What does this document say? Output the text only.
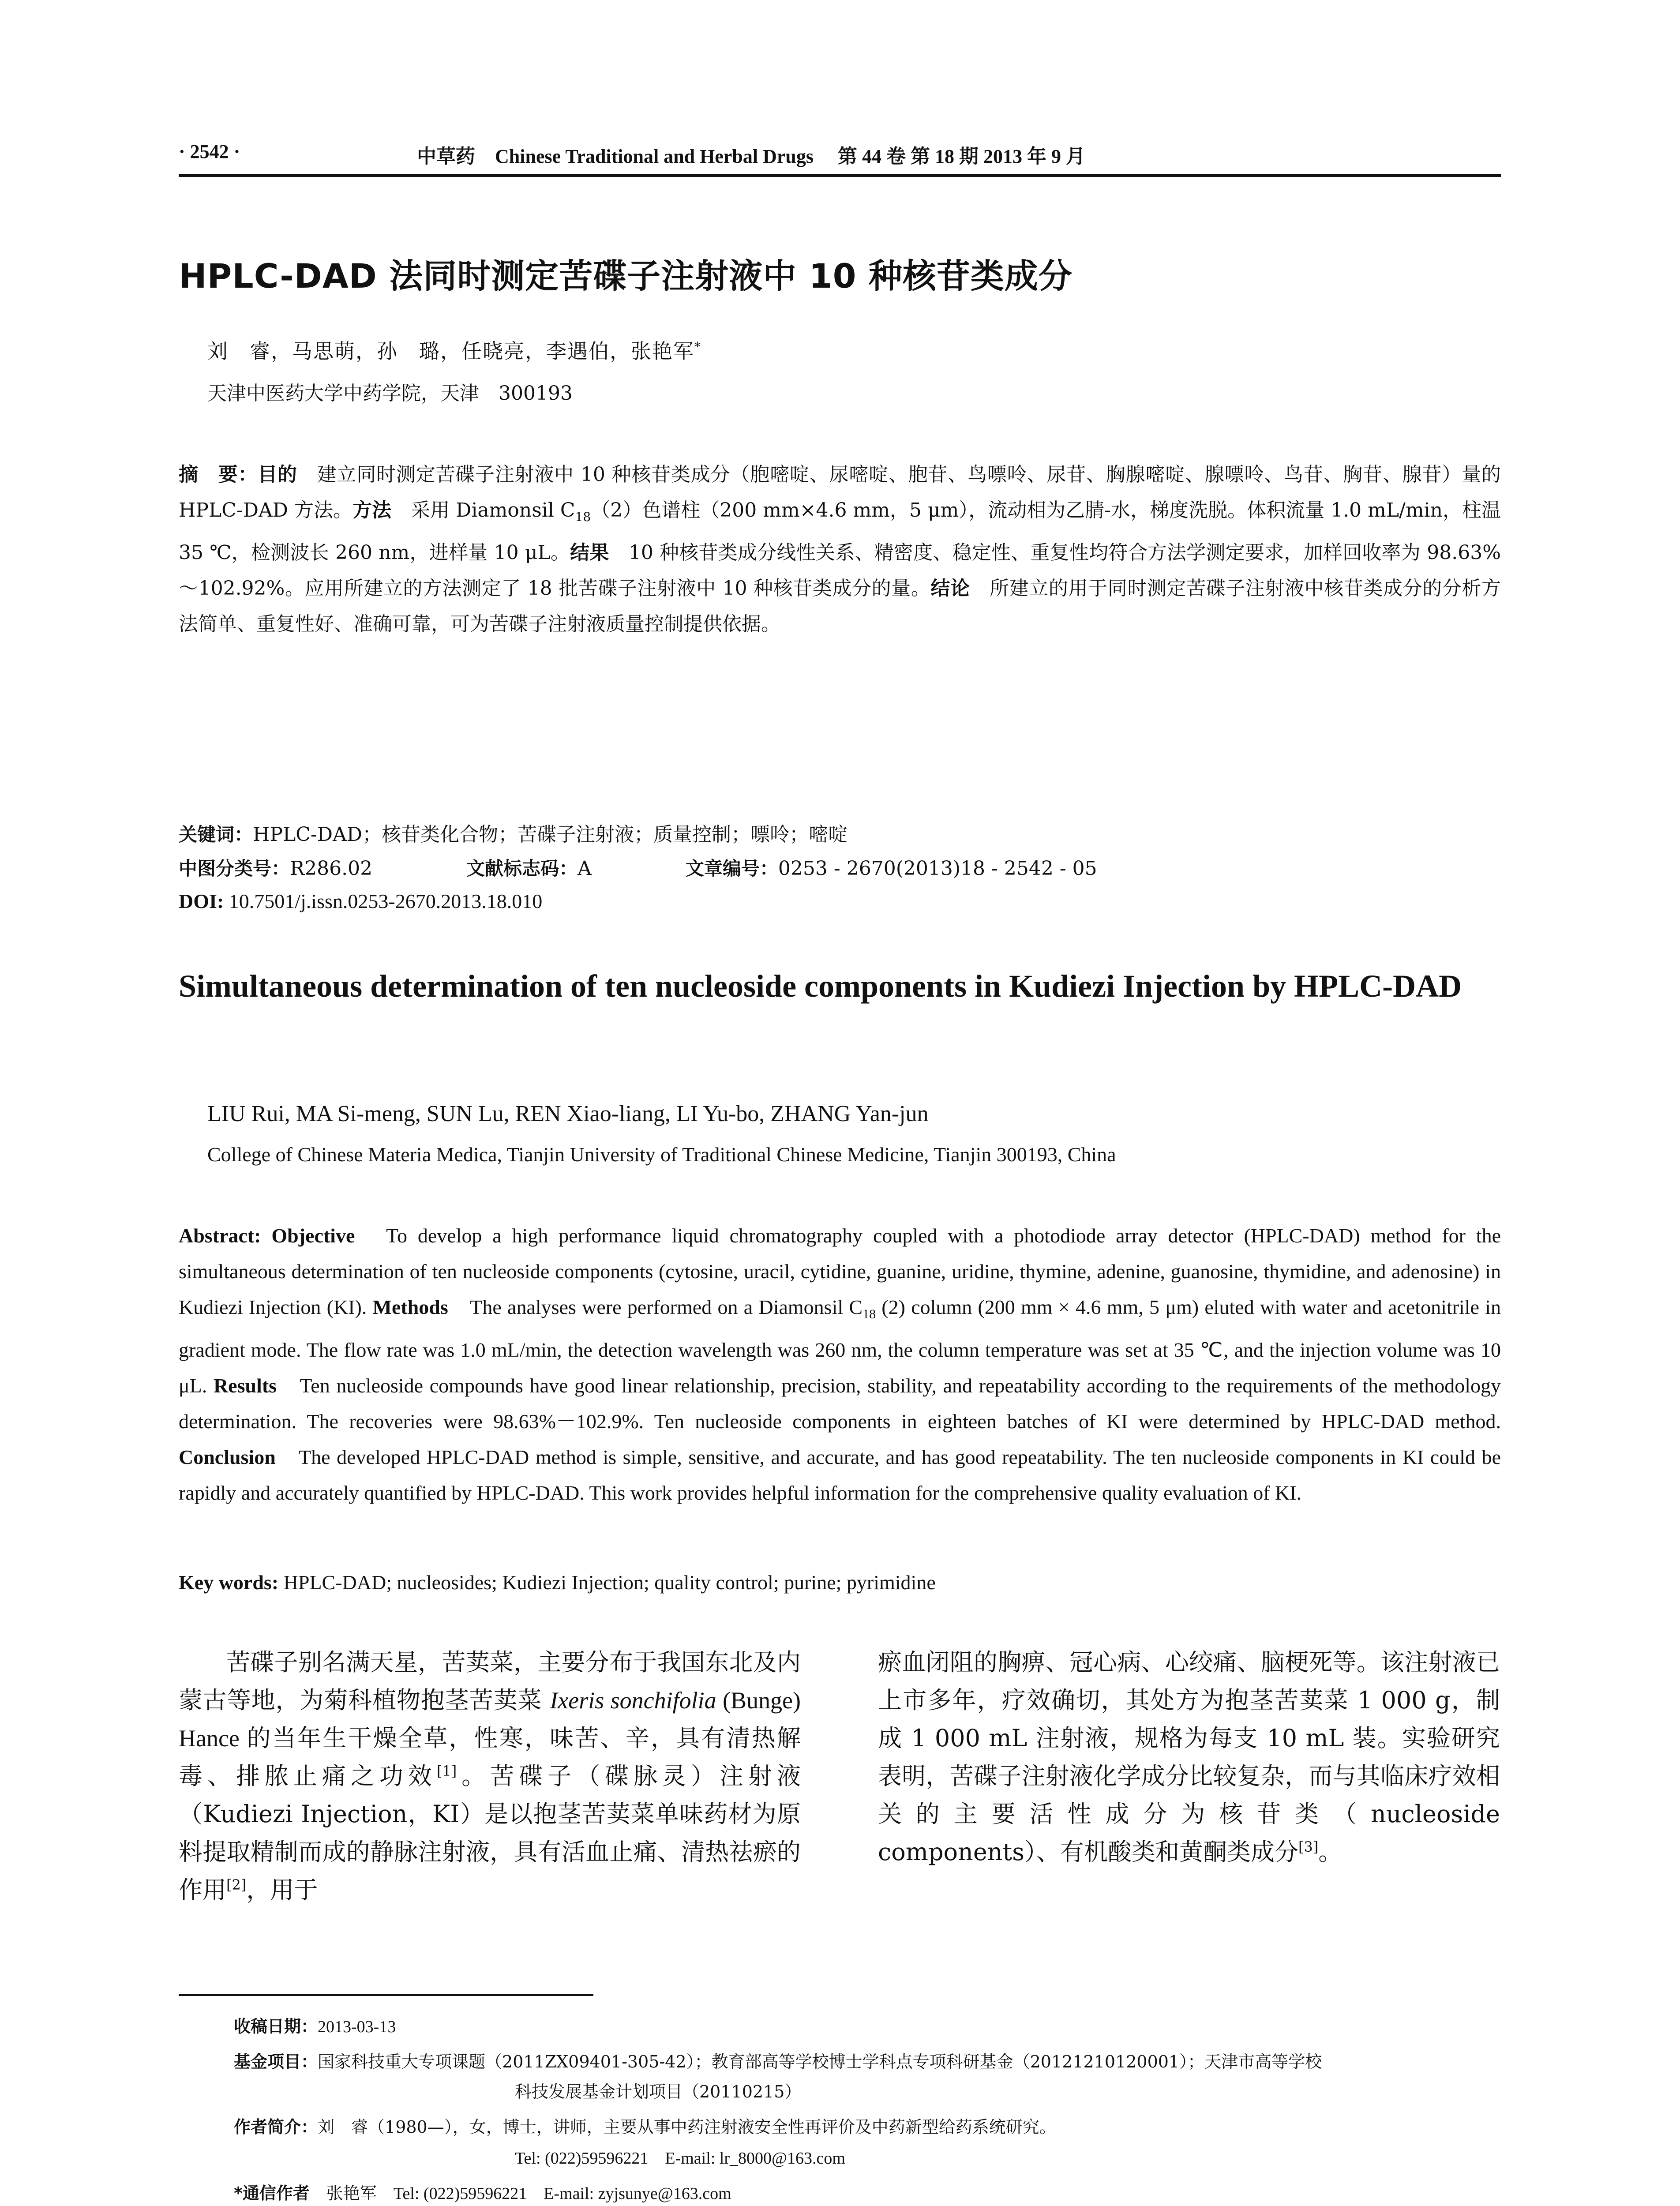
· 2542 ·	中草药 Chinese Traditional and Herbal Drugs 第 44 卷 第 18 期 2013 年 9 月
HPLC-DAD 法同时测定苦碟子注射液中 10 种核苷类成分
刘　睿，马思萌，孙　璐，任晓亮，李遇伯，张艳军*
天津中医药大学中药学院，天津　300193
摘　要：目的　建立同时测定苦碟子注射液中 10 种核苷类成分（胞嘧啶、尿嘧啶、胞苷、鸟嘌呤、尿苷、胸腺嘧啶、腺嘌呤、鸟苷、胸苷、腺苷）量的 HPLC-DAD 方法。方法　采用 Diamonsil $C_{18}(2)$色谱柱（200 mm×4.6 mm，5 μm），流动相为乙腈-水，梯度洗脱。体积流量 1.0 mL/min，柱温 35 ℃，检测波长 260 nm，进样量 10 μL。结果　10 种核苷类成分线性关系、精密度、稳定性、重复性均符合方法学测定要求，加样回收率为 98.63%～102.92%。应用所建立的方法测定了 18 批苦碟子注射液中 10 种核苷类成分的量。结论　所建立的用于同时测定苦碟子注射液中核苷类成分的分析方法简单、重复性好、准确可靠，可为苦碟子注射液质量控制提供依据。
关键词：HPLC-DAD；核苷类化合物；苦碟子注射液；质量控制；嘌呤；嘧啶
中图分类号：R286.02	文献标志码：A	文章编号：0253 - 2670(2013)18 - 2542 - 05
DOI: 10.7501/j.issn.0253-2670.2013.18.010
Simultaneous determination of ten nucleoside components in Kudiezi Injection by HPLC-DAD
LIU Rui, MA Si-meng, SUN Lu, REN Xiao-liang, LI Yu-bo, ZHANG Yan-jun
College of Chinese Materia Medica, Tianjin University of Traditional Chinese Medicine, Tianjin 300193, China
Abstract: Objective　To develop a high performance liquid chromatography coupled with a photodiode array detector (HPLC-DAD) method for the simultaneous determination of ten nucleoside components (cytosine, uracil, cytidine, guanine, uridine, thymine, adenine, guanosine, thymidine, and adenosine) in Kudiezi Injection (KI). Methods　The analyses were performed on a Diamonsil $C_{18}$ (2) column (200 mm × 4.6 mm, 5 μm) eluted with water and acetonitrile in gradient mode. The flow rate was 1.0 mL/min, the detection wavelength was 260 nm, the column temperature was set at 35 ℃, and the injection volume was 10 μL. Results　Ten nucleoside compounds have good linear relationship, precision, stability, and repeatability according to the requirements of the methodology determination. The recoveries were 98.63%－102.9%. Ten nucleoside components in eighteen batches of KI were determined by HPLC-DAD method. Conclusion　The developed HPLC-DAD method is simple, sensitive, and accurate, and has good repeatability. The ten nucleoside components in KI could be rapidly and accurately quantified by HPLC-DAD. This work provides helpful information for the comprehensive quality evaluation of KI.
Key words: HPLC-DAD; nucleosides; Kudiezi Injection; quality control; purine; pyrimidine

苦碟子别名满天星，苦荬菜，主要分布于我国东北及内蒙古等地，为菊科植物抱茎苦荬菜 Ixeris sonchifolia (Bunge) Hance 的当年生干燥全草，性寒，味苦、辛，具有清热解毒、排脓止痛之功效[1]。苦碟子（碟脉灵）注射液（Kudiezi Injection，KI）是以抱茎苦荬菜单味药材为原料提取精制而成的静脉注射液，具有活血止痛、清热祛瘀的作用[2]，用于

瘀血闭阻的胸痹、冠心病、心绞痛、脑梗死等。该注射液已上市多年，疗效确切，其处方为抱茎苦荬菜 1 000 g，制成 1 000 mL 注射液，规格为每支 10 mL 装。实验研究表明，苦碟子注射液化学成分比较复杂，而与其临床疗效相关的主要活性成分为核苷类（nucleoside components）、有机酸类和黄酮类成分[3]。

收稿日期：2013-03-13
基金项目：国家科技重大专项课题（2011ZX09401-305-42）；教育部高等学校博士学科点专项科研基金（20121210120001）；天津市高等学校
科技发展基金计划项目（20110215）
作者简介：刘　睿（1980—），女，博士，讲师，主要从事中药注射液安全性再评价及中药新型给药系统研究。
Tel: (022)59596221　E-mail: lr_8000@163.com
*通信作者　张艳军　Tel: (022)59596221　E-mail: zyjsunye@163.com
